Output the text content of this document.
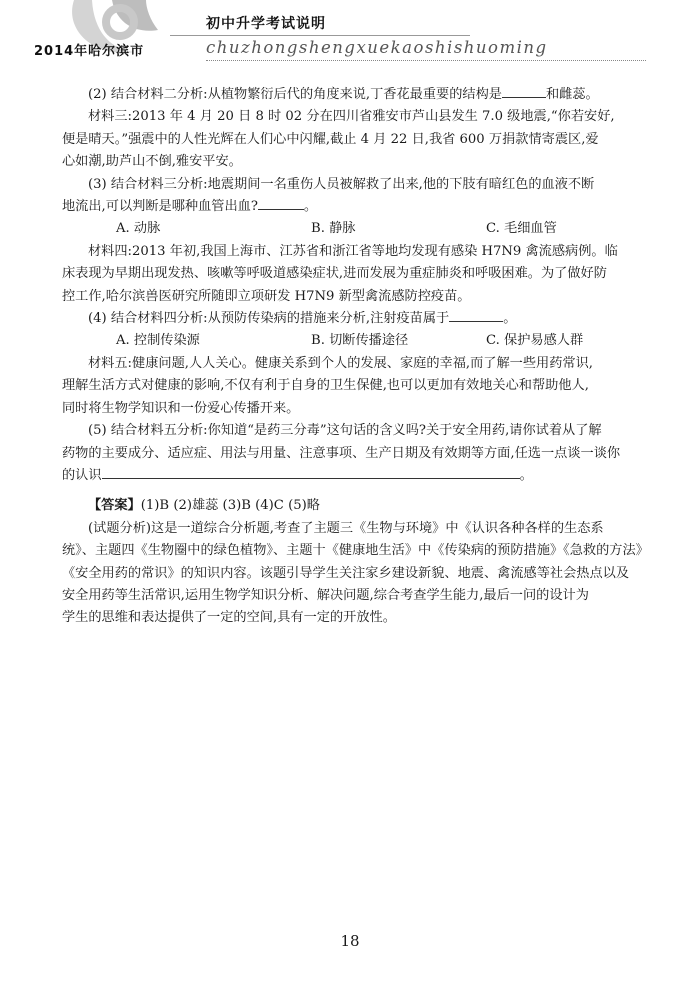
2014年哈尔滨市
初中升学考试说明
chuzhongshengxuekaoshishuoming

(2) 结合材料二分析:从植物繁衍后代的角度来说,丁香花最重要的结构是	和雌蕊。

材料三:2013 年 4 月 20 日 8 时 02 分在四川省雅安市芦山县发生 7.0 级地震,“你若安好,

便是晴天。”强震中的人性光辉在人们心中闪耀,截止 4 月 22 日,我省 600 万捐款情寄震区,爱

心如潮,助芦山不倒,雅安平安。

(3) 结合材料三分析:地震期间一名重伤人员被解救了出来,他的下肢有暗红色的血液不断

地流出,可以判断是哪种血管出血?	。

A. 动脉	B. 静脉	C. 毛细血管

材料四:2013 年初,我国上海市、江苏省和浙江省等地均发现有感染 H7N9 禽流感病例。临

床表现为早期出现发热、咳嗽等呼吸道感染症状,进而发展为重症肺炎和呼吸困难。为了做好防

控工作,哈尔滨兽医研究所随即立项研发 H7N9 新型禽流感防控疫苗。

(4) 结合材料四分析:从预防传染病的措施来分析,注射疫苗属于	。

A. 控制传染源	B. 切断传播途径	C. 保护易感人群

材料五:健康问题,人人关心。健康关系到个人的发展、家庭的幸福,而了解一些用药常识,

理解生活方式对健康的影响,不仅有利于自身的卫生保健,也可以更加有效地关心和帮助他人,

同时将生物学知识和一份爱心传播开来。

(5) 结合材料五分析:你知道“是药三分毒”这句话的含义吗?关于安全用药,请你试着从了解

药物的主要成分、适应症、用法与用量、注意事项、生产日期及有效期等方面,任选一点谈一谈你

的认识	。

【答案】(1)B (2)雄蕊 (3)B (4)C (5)略

(试题分析)这是一道综合分析题,考查了主题三《生物与环境》中《认识各种各样的生态系

统》、主题四《生物圈中的绿色植物》、主题十《健康地生活》中《传染病的预防措施》《急救的方法》

《安全用药的常识》的知识内容。该题引导学生关注家乡建设新貌、地震、禽流感等社会热点以及

安全用药等生活常识,运用生物学知识分析、解决问题,综合考查学生能力,最后一问的设计为

学生的思维和表达提供了一定的空间,具有一定的开放性。

18
